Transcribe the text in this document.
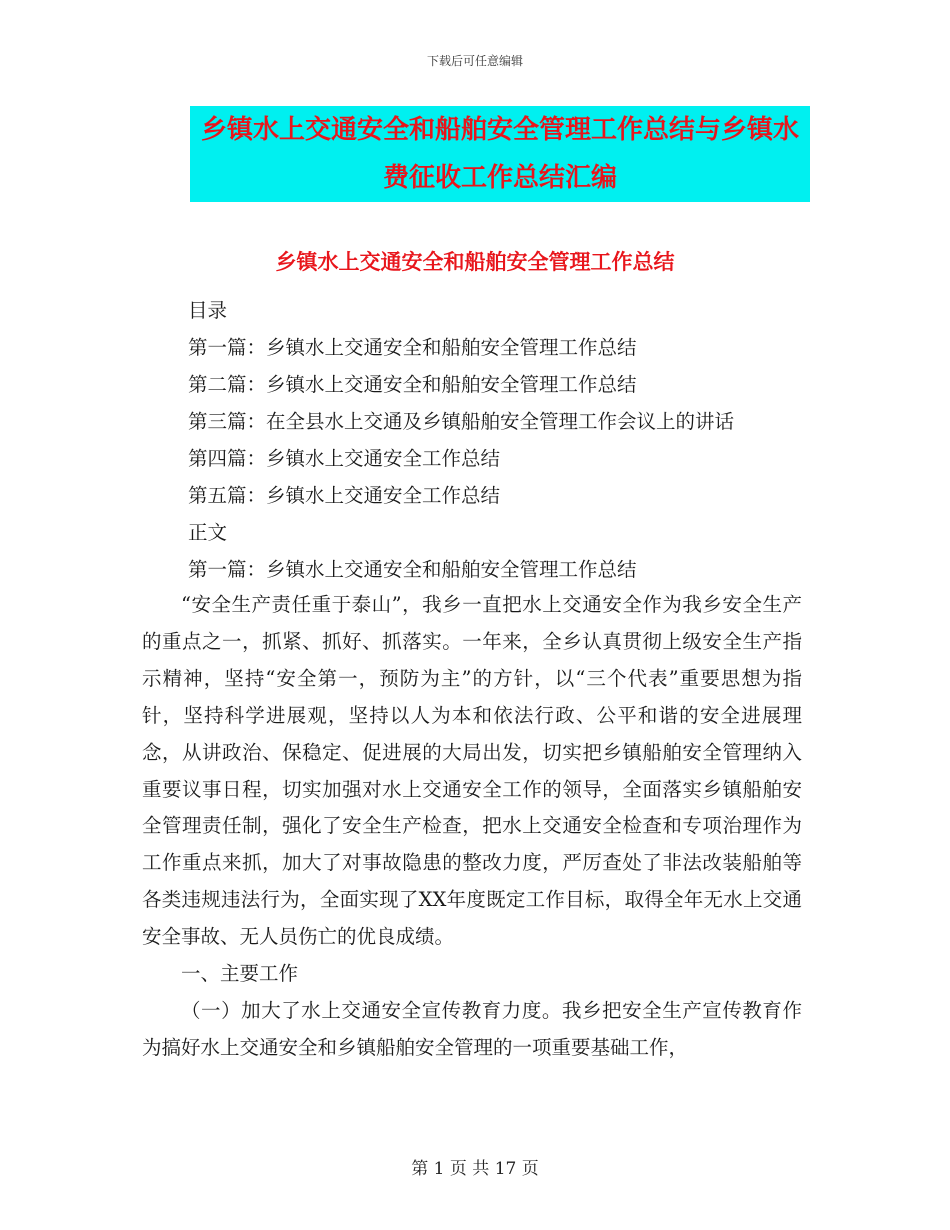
下载后可任意编辑
乡镇水上交通安全和船舶安全管理工作总结与乡镇水
费征收工作总结汇编
乡镇水上交通安全和船舶安全管理工作总结
目录
第一篇：乡镇水上交通安全和船舶安全管理工作总结
第二篇：乡镇水上交通安全和船舶安全管理工作总结
第三篇：在全县水上交通及乡镇船舶安全管理工作会议上的讲话
第四篇：乡镇水上交通安全工作总结
第五篇：乡镇水上交通安全工作总结
正文
第一篇：乡镇水上交通安全和船舶安全管理工作总结

“安全生产责任重于泰山”，我乡一直把水上交通安全作为我乡安全生产的重点之一，抓紧、抓好、抓落实。一年来，全乡认真贯彻上级安全生产指示精神，坚持“安全第一，预防为主”的方针，以“三个代表”重要思想为指针，坚持科学进展观，坚持以人为本和依法行政、公平和谐的安全进展理念，从讲政治、保稳定、促进展的大局出发，切实把乡镇船舶安全管理纳入重要议事日程，切实加强对水上交通安全工作的领导，全面落实乡镇船舶安全管理责任制，强化了安全生产检查，把水上交通安全检查和专项治理作为工作重点来抓，加大了对事故隐患的整改力度，严厉查处了非法改装船舶等各类违规违法行为，全面实现了XX年度既定工作目标，取得全年无水上交通安全事故、无人员伤亡的优良成绩。

一、主要工作

（一）加大了水上交通安全宣传教育力度。我乡把安全生产宣传教育作为搞好水上交通安全和乡镇船舶安全管理的一项重要基础工作，

第 1 页 共 17 页
